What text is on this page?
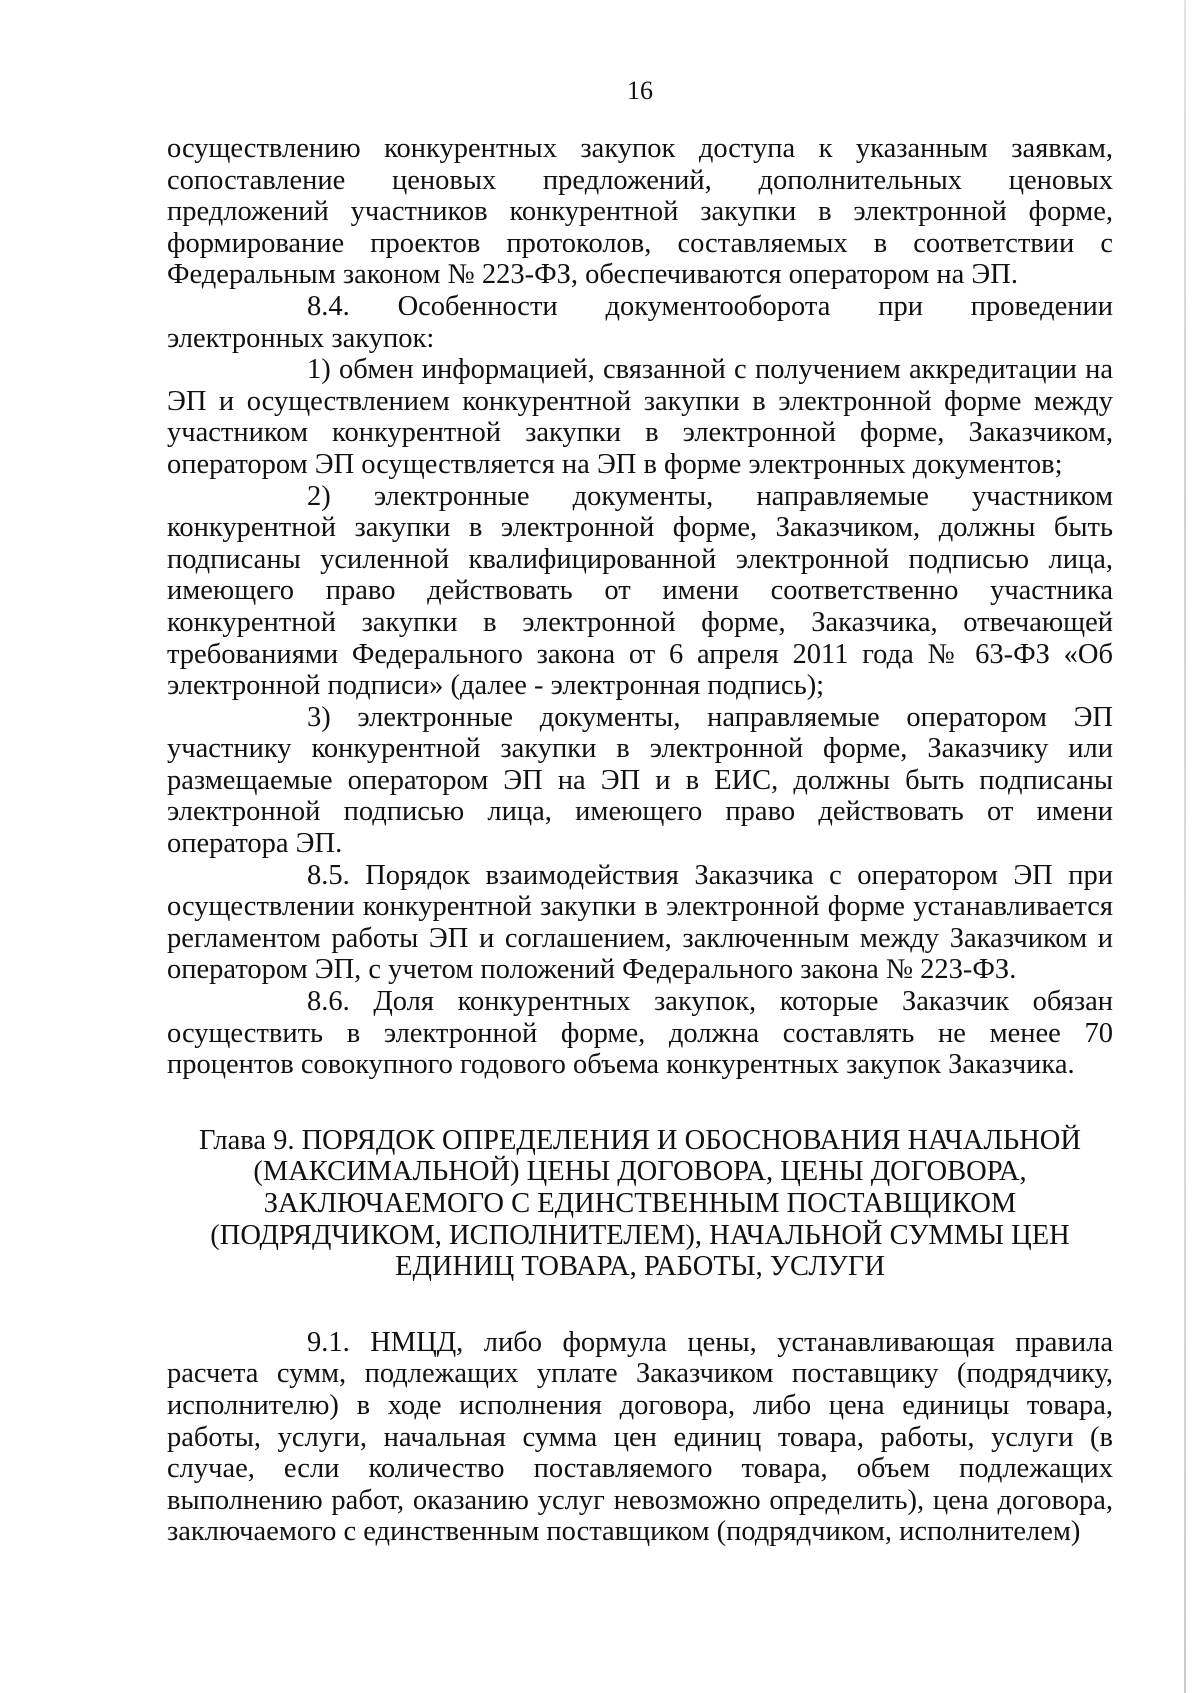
16

осуществлению конкурентных закупок доступа к указанным заявкам, сопоставление ценовых предложений, дополнительных ценовых предложений участников конкурентной закупки в электронной форме, формирование проектов протоколов, составляемых в соответствии с Федеральным законом № 223-ФЗ, обеспечиваются оператором на ЭП.

8.4. Особенности документооборота при проведении электронных закупок:

1) обмен информацией, связанной с получением аккредитации на ЭП и осуществлением конкурентной закупки в электронной форме между участником конкурентной закупки в электронной форме, Заказчиком, оператором ЭП осуществляется на ЭП в форме электронных документов;

2) электронные документы, направляемые участником конкурентной закупки в электронной форме, Заказчиком, должны быть подписаны усиленной квалифицированной электронной подписью лица, имеющего право действовать от имени соответственно участника конкурентной закупки в электронной форме, Заказчика, отвечающей требованиями Федерального закона от 6 апреля 2011 года № 63-ФЗ «Об электронной подписи» (далее - электронная подпись);

3) электронные документы, направляемые оператором ЭП участнику конкурентной закупки в электронной форме, Заказчику или размещаемые оператором ЭП на ЭП и в ЕИС, должны быть подписаны электронной подписью лица, имеющего право действовать от имени оператора ЭП.

8.5. Порядок взаимодействия Заказчика с оператором ЭП при осуществлении конкурентной закупки в электронной форме устанавливается регламентом работы ЭП и соглашением, заключенным между Заказчиком и оператором ЭП, с учетом положений Федерального закона № 223-ФЗ.

8.6. Доля конкурентных закупок, которые Заказчик обязан осуществить в электронной форме, должна составлять не менее 70 процентов совокупного годового объема конкурентных закупок Заказчика.

Глава 9. ПОРЯДОК ОПРЕДЕЛЕНИЯ И ОБОСНОВАНИЯ НАЧАЛЬНОЙ (МАКСИМАЛЬНОЙ) ЦЕНЫ ДОГОВОРА, ЦЕНЫ ДОГОВОРА, ЗАКЛЮЧАЕМОГО С ЕДИНСТВЕННЫМ ПОСТАВЩИКОМ (ПОДРЯДЧИКОМ, ИСПОЛНИТЕЛЕМ), НАЧАЛЬНОЙ СУММЫ ЦЕН ЕДИНИЦ ТОВАРА, РАБОТЫ, УСЛУГИ

9.1. НМЦД, либо формула цены, устанавливающая правила расчета сумм, подлежащих уплате Заказчиком поставщику (подрядчику, исполнителю) в ходе исполнения договора, либо цена единицы товара, работы, услуги, начальная сумма цен единиц товара, работы, услуги (в случае, если количество поставляемого товара, объем подлежащих выполнению работ, оказанию услуг невозможно определить), цена договора, заключаемого с единственным поставщиком (подрядчиком, исполнителем)
